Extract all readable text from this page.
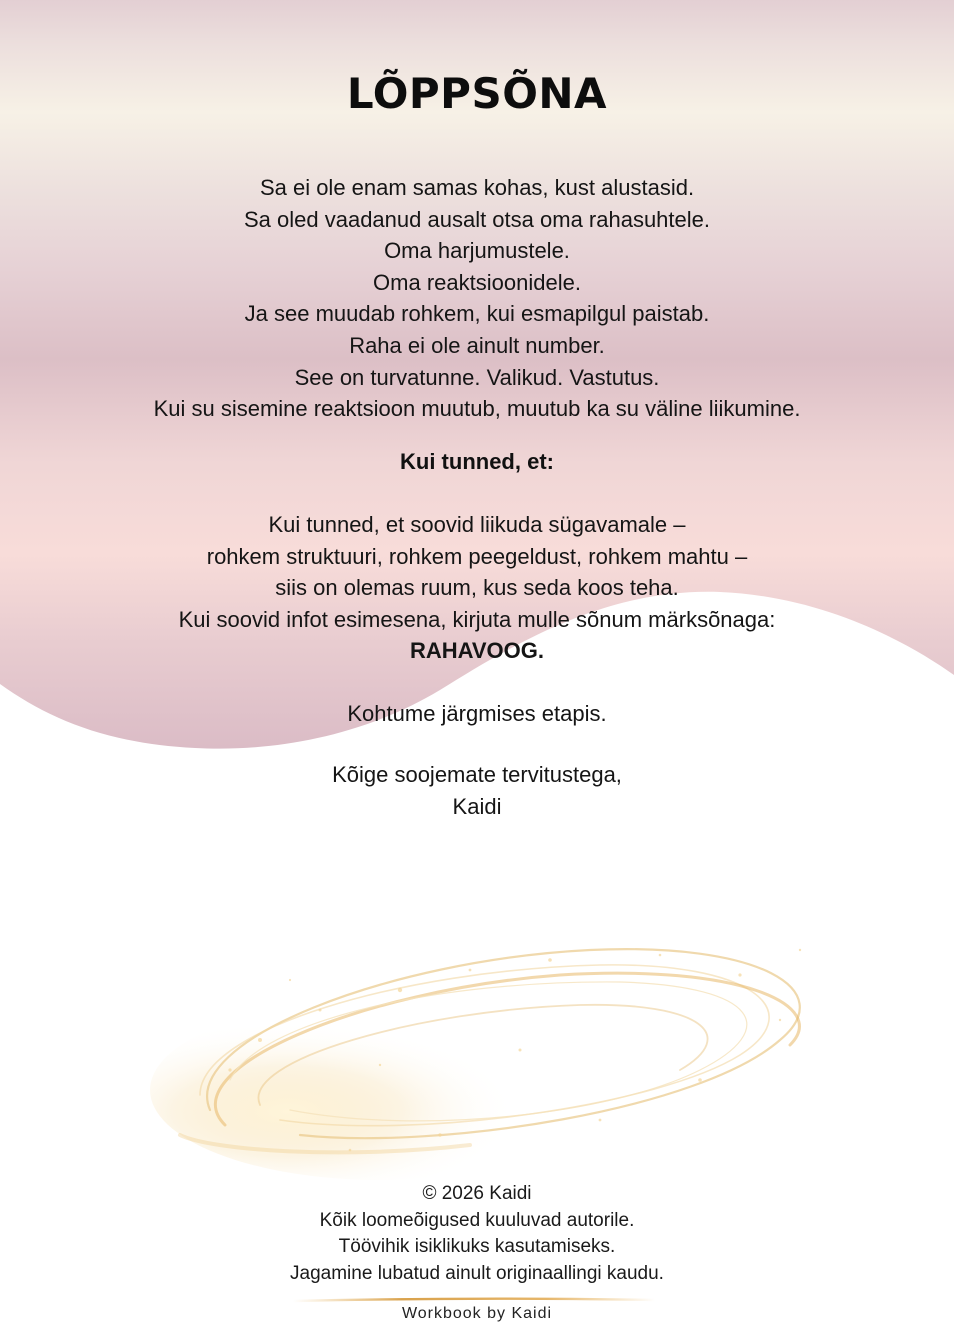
LÕPPSÕNA
Sa ei ole enam samas kohas, kust alustasid.
Sa oled vaadanud ausalt otsa oma rahasuhtele.
Oma harjumustele.
Oma reaktsioonidele.
Ja see muudab rohkem, kui esmapilgul paistab.
Raha ei ole ainult number.
See on turvatunne. Valikud. Vastutus.
Kui su sisemine reaktsioon muutub, muutub ka su väline liikumine.
Kui tunned, et:
Kui tunned, et soovid liikuda sügavamale –
rohkem struktuuri, rohkem peegeldust, rohkem mahtu –
siis on olemas ruum, kus seda koos teha.
Kui soovid infot esimesena, kirjuta mulle sõnum märksõnaga:
RAHAVOOG.
Kohtume järgmises etapis.
Kõige soojemate tervitustega,
Kaidi
© 2026 Kaidi
Kõik loomeõigused kuuluvad autorile.
Töövihik isiklikuks kasutamiseks.
Jagamine lubatud ainult originaallingi kaudu.
Workbook by Kaidi
